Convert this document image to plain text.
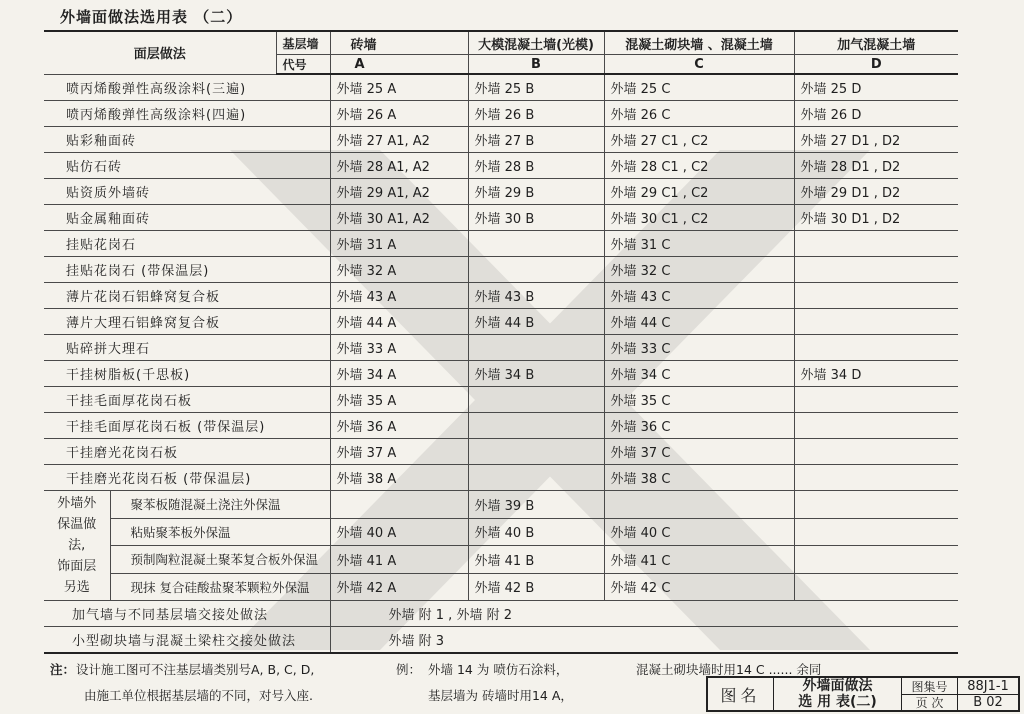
外墙面做法选用表 （二）
面层做法		基层墙	砖墙	大模混凝土墙(光模)	混凝土砌块墙 、混凝土墙	加气混凝土墙
		代号	A	B	C	D
喷丙烯酸弹性高级涂料(三遍)			外墙 25 A	外墙 25 B	外墙 25 C	外墙 25 D
喷丙烯酸弹性高级涂料(四遍)			外墙 26 A	外墙 26 B	外墙 26 C	外墙 26 D
贴彩釉面砖			外墙 27 A1, A2	外墙 27 B	外墙 27 C1 , C2	外墙 27 D1 , D2
贴仿石砖			外墙 28 A1, A2	外墙 28 B	外墙 28 C1 , C2	外墙 28 D1 , D2
贴资质外墙砖			外墙 29 A1, A2	外墙 29 B	外墙 29 C1 , C2	外墙 29 D1 , D2
贴金属釉面砖			外墙 30 A1, A2	外墙 30 B	外墙 30 C1 , C2	外墙 30 D1 , D2
挂贴花岗石			外墙 31 A		外墙 31 C	
挂贴花岗石 (带保温层)			外墙 32 A		外墙 32 C	
薄片花岗石铝蜂窝复合板			外墙 43 A	外墙 43 B	外墙 43 C	
薄片大理石铝蜂窝复合板			外墙 44 A	外墙 44 B	外墙 44 C	
贴碎拼大理石			外墙 33 A		外墙 33 C	
干挂树脂板(千思板)			外墙 34 A	外墙 34 B	外墙 34 C	外墙 34 D
干挂毛面厚花岗石板			外墙 35 A		外墙 35 C	
干挂毛面厚花岗石板 (带保温层)			外墙 36 A		外墙 36 C	
干挂磨光花岗石板			外墙 37 A		外墙 37 C	
干挂磨光花岗石板 (带保温层)			外墙 38 A		外墙 38 C	

外墙外
保温做
法,
饰面层
另选	聚苯板随混凝土浇注外保温			外墙 39 B		
	粘贴聚苯板外保温		外墙 40 A	外墙 40 B	外墙 40 C	
	预制陶粒混凝土聚苯复合板外保温		外墙 41 A	外墙 41 B	外墙 41 C	
	现抹 复合硅酸盐聚苯颗粒外保温		外墙 42 A	外墙 42 B	外墙 42 C	
加气墙与不同基层墙交接处做法			外墙 附 1 , 外墙 附 2			
小型砌块墙与混凝土梁柱交接处做法			外墙 附 3			
注： 设计施工图可不注基层墙类别号A, B, C, D,
由施工单位根据基层墙的不同，对号入座.
例： 外墙 14 为 喷仿石涂料，
基层墙为 砖墙时用14 A，
混凝土砌块墙时用14 C ...... 余同
图名	外墙面做法
选 用 表(二)
图集号	88J1-1
页 次	B 02
